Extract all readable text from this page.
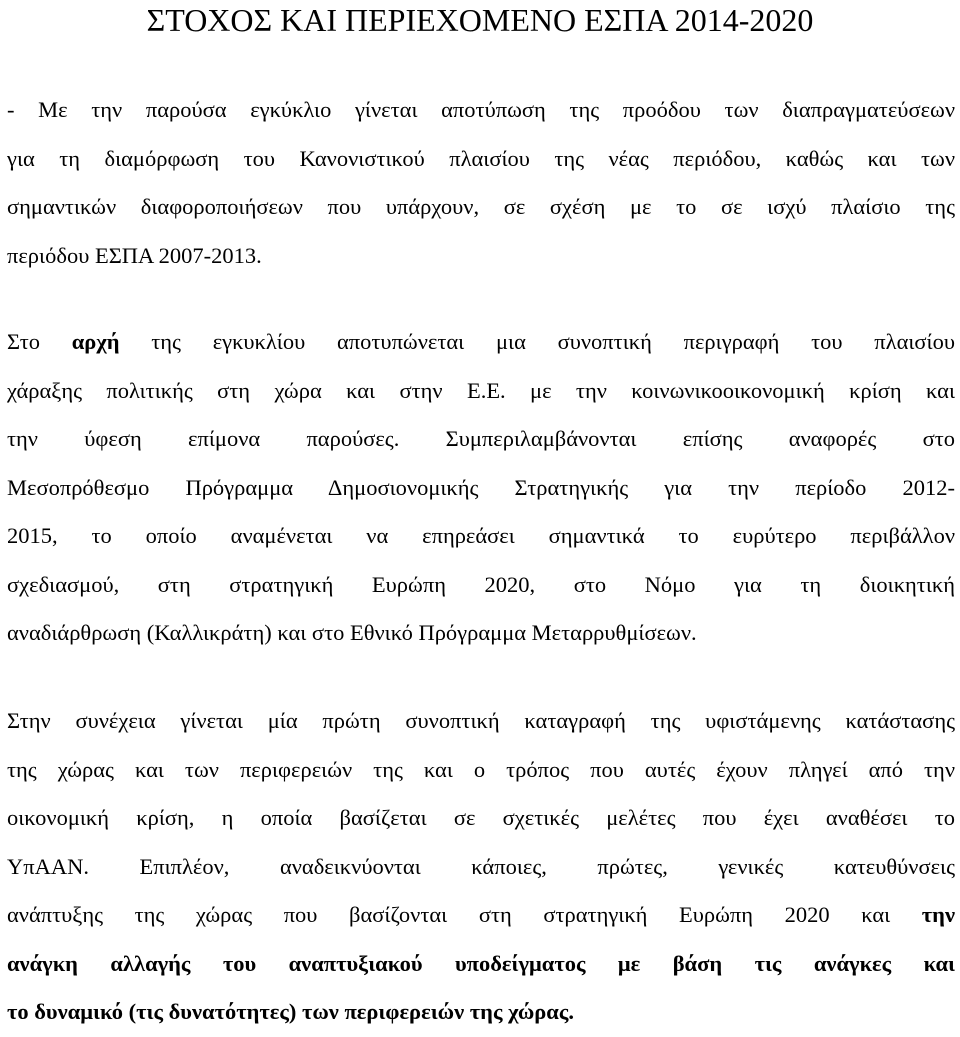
ΣΤΟΧΟΣ ΚΑΙ ΠΕΡΙΕΧΟΜΕΝΟ ΕΣΠΑ 2014-2020
- Με την παρούσα εγκύκλιο γίνεται αποτύπωση της προόδου των διαπραγματεύσεων
για τη διαμόρφωση του Κανονιστικού πλαισίου της νέας περιόδου, καθώς και των
σημαντικών διαφοροποιήσεων που υπάρχουν, σε σχέση με το σε ισχύ πλαίσιο της
περιόδου ΕΣΠΑ 2007-2013.
Στο αρχή της εγκυκλίου αποτυπώνεται μια συνοπτική περιγραφή του πλαισίου
χάραξης πολιτικής στη χώρα και στην Ε.Ε. με την κοινωνικοοικονομική κρίση και
την ύφεση επίμονα παρούσες. Συμπεριλαμβάνονται επίσης αναφορές στο
Μεσοπρόθεσμο Πρόγραμμα Δημοσιονομικής Στρατηγικής για την περίοδο 2012-
2015, το οποίο αναμένεται να επηρεάσει σημαντικά το ευρύτερο περιβάλλον
σχεδιασμού, στη στρατηγική Ευρώπη 2020, στο Νόμο για τη διοικητική
αναδιάρθρωση (Καλλικράτη) και στο Εθνικό Πρόγραμμα Μεταρρυθμίσεων.
Στην συνέχεια γίνεται μία πρώτη συνοπτική καταγραφή της υφιστάμενης κατάστασης
της χώρας και των περιφερειών της και ο τρόπος που αυτές έχουν πληγεί από την
οικονομική κρίση, η οποία βασίζεται σε σχετικές μελέτες που έχει αναθέσει το
ΥπΑΑΝ. Επιπλέον, αναδεικνύονται κάποιες, πρώτες, γενικές κατευθύνσεις
ανάπτυξης της χώρας που βασίζονται στη στρατηγική Ευρώπη 2020 και την
ανάγκη αλλαγής του αναπτυξιακού υποδείγματος με βάση τις ανάγκες και
το δυναμικό (τις δυνατότητες) των περιφερειών της χώρας.
